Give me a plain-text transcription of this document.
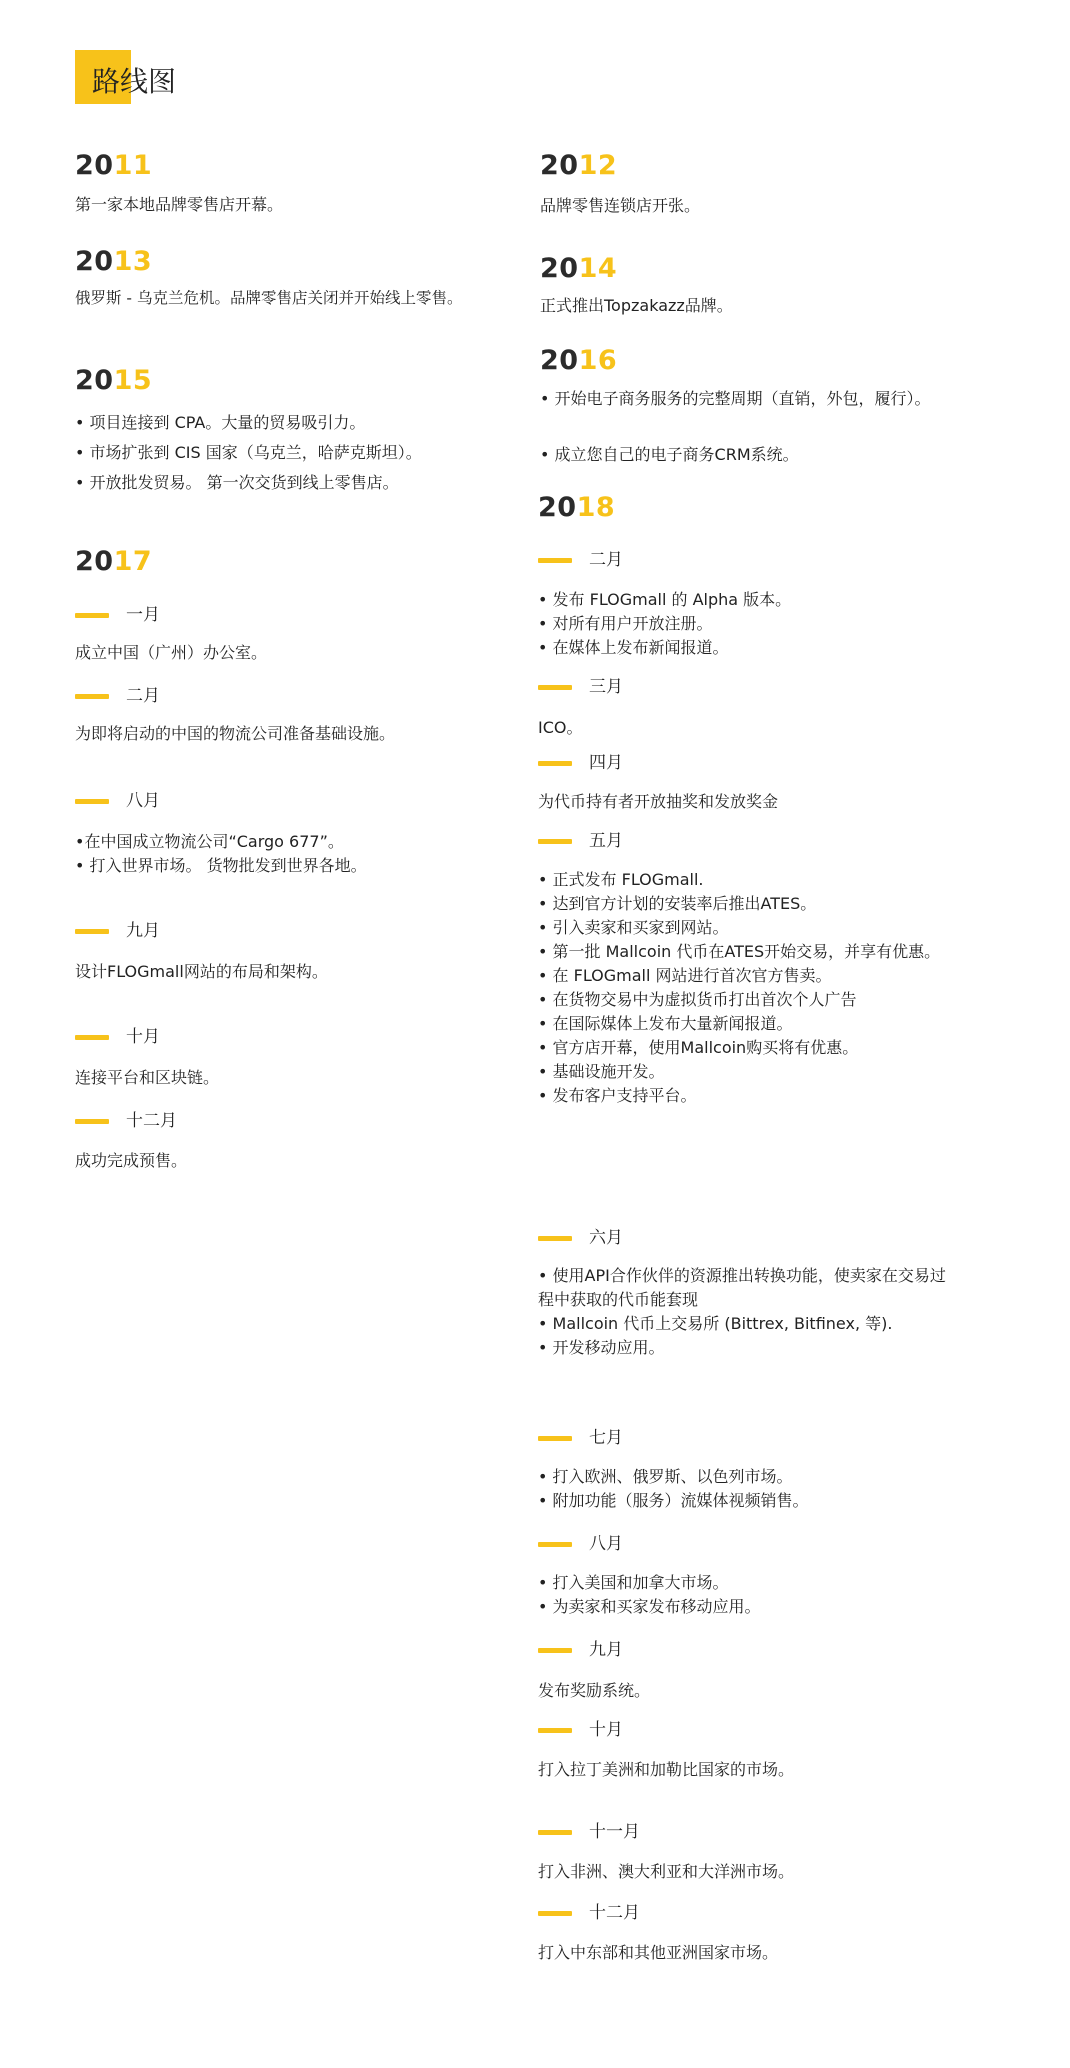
路线图
2011
第一家本地品牌零售店开幕。
2013
俄罗斯 - 乌克兰危机。品牌零售店关闭并开始线上零售。
2015
• 项目连接到 CPA。大量的贸易吸引力。
• 市场扩张到 CIS 国家（乌克兰，哈萨克斯坦）。
• 开放批发贸易。 第一次交货到线上零售店。
2017
一月
成立中国（广州）办公室。
二月
为即将启动的中国的物流公司准备基础设施。
八月
•在中国成立物流公司“Cargo 677”。
• 打入世界市场。 货物批发到世界各地。
九月
设计FLOGmall网站的布局和架构。
十月
连接平台和区块链。
十二月
成功完成预售。
2012
品牌零售连锁店开张。
2014
正式推出Topzakazz品牌。
2016
• 开始电子商务服务的完整周期（直销，外包，履行）。
• 成立您自己的电子商务CRM系统。
2018
二月
• 发布 FLOGmall 的 Alpha 版本。
• 对所有用户开放注册。
• 在媒体上发布新闻报道。
三月
ICO。
四月
为代币持有者开放抽奖和发放奖金
五月
• 正式发布 FLOGmall.
• 达到官方计划的安装率后推出ATES。
• 引入卖家和买家到网站。
• 第一批 Mallcoin 代币在ATES开始交易，并享有优惠。
• 在 FLOGmall 网站进行首次官方售卖。
• 在货物交易中为虚拟货币打出首次个人广告
• 在国际媒体上发布大量新闻报道。
• 官方店开幕，使用Mallcoin购买将有优惠。
• 基础设施开发。
• 发布客户支持平台。
六月
• 使用API合作伙伴的资源推出转换功能，使卖家在交易过
程中获取的代币能套现
• Mallcoin 代币上交易所 (Bittrex, Bitfinex, 等).
• 开发移动应用。
七月
• 打入欧洲、俄罗斯、以色列市场。
• 附加功能（服务）流媒体视频销售。
八月
• 打入美国和加拿大市场。
• 为卖家和买家发布移动应用。
九月
发布奖励系统。
十月
打入拉丁美洲和加勒比国家的市场。
十一月
打入非洲、澳大利亚和大洋洲市场。
十二月
打入中东部和其他亚洲国家市场。
